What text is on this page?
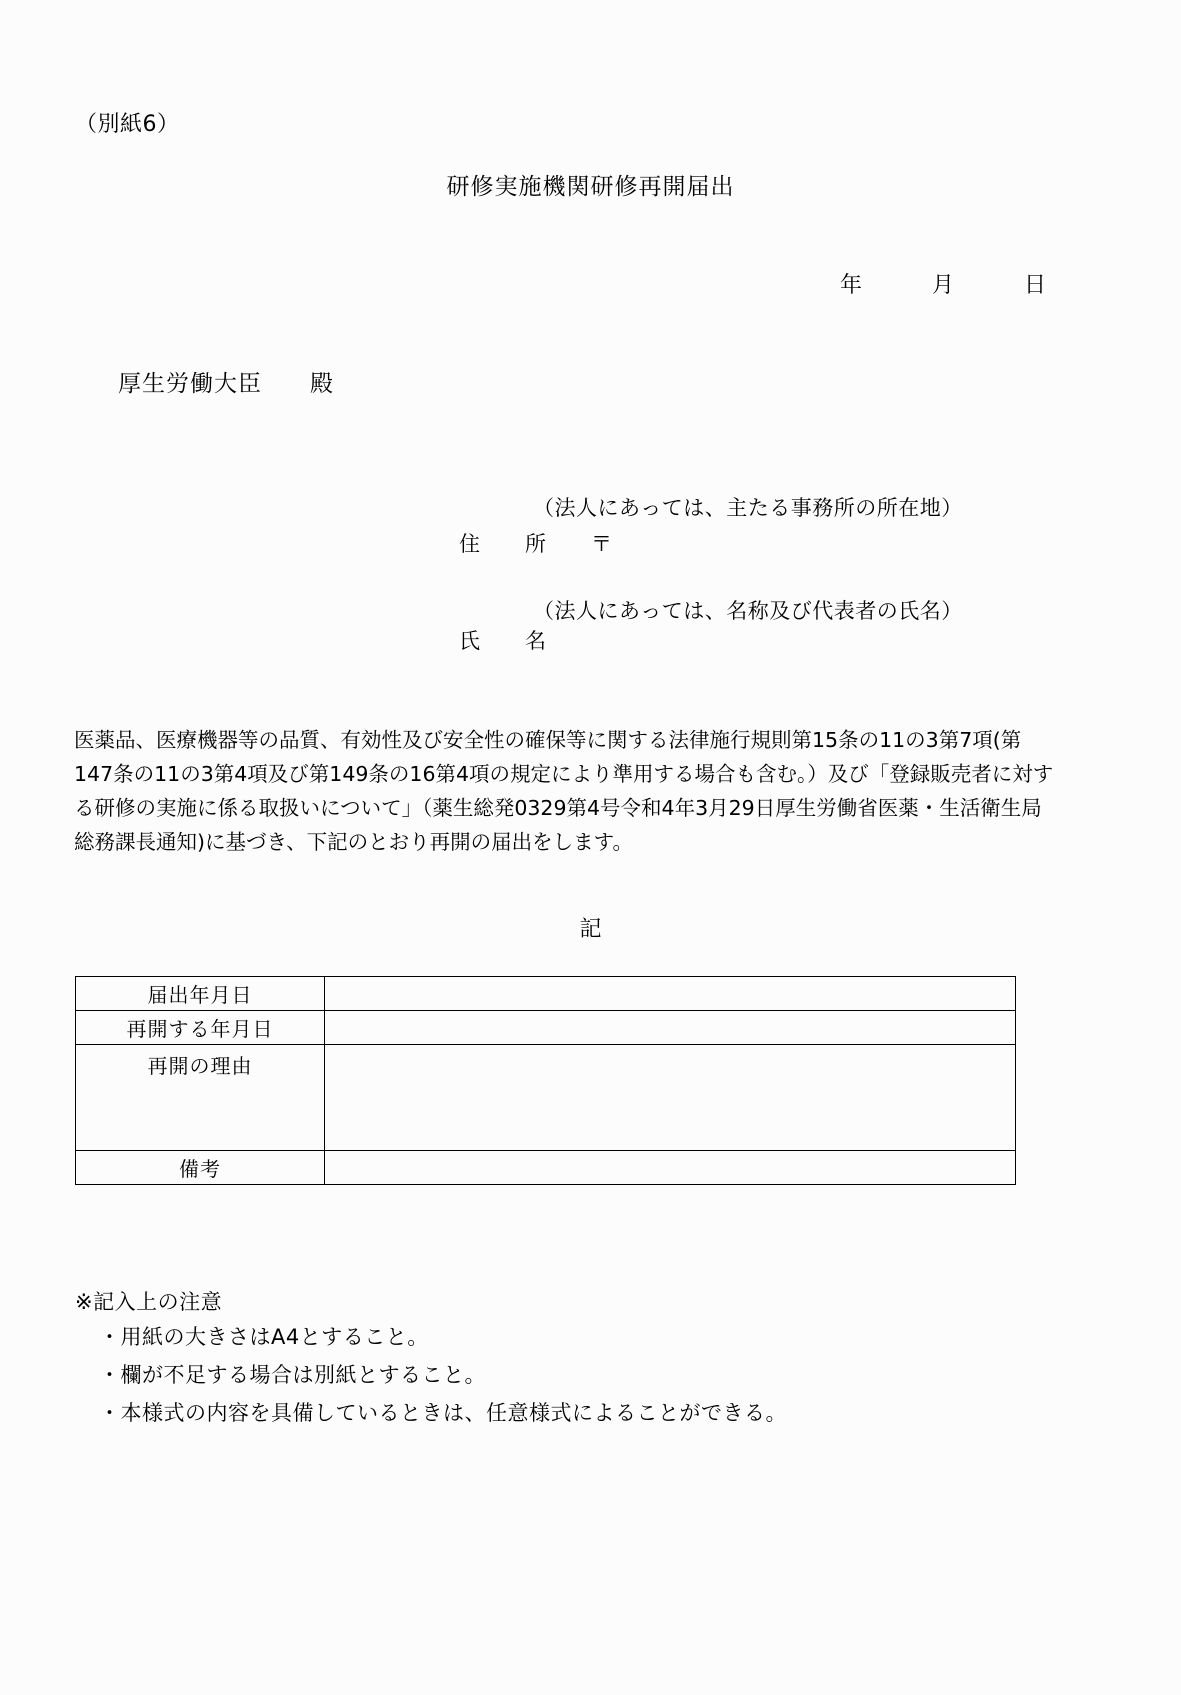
（別紙6）
研修実施機関研修再開届出
年　　　月　　　日
厚生労働大臣　　殿
（法人にあっては、主たる事務所の所在地）
住　　所　　〒
（法人にあっては、名称及び代表者の氏名）
氏　　名
医薬品、医療機器等の品質、有効性及び安全性の確保等に関する法律施行規則第15条の11の3第7項(第
147条の11の3第4項及び第149条の16第4項の規定により準用する場合も含む。）及び「登録販売者に対す
る研修の実施に係る取扱いについて」（薬生総発0329第4号令和4年3月29日厚生労働省医薬・生活衛生局
総務課長通知)に基づき、下記のとおり再開の届出をします。
記
届出年月日	
再開する年月日	
再開の理由	
備考	
※記入上の注意
・用紙の大きさはA4とすること。
・欄が不足する場合は別紙とすること。
・本様式の内容を具備しているときは、任意様式によることができる。
